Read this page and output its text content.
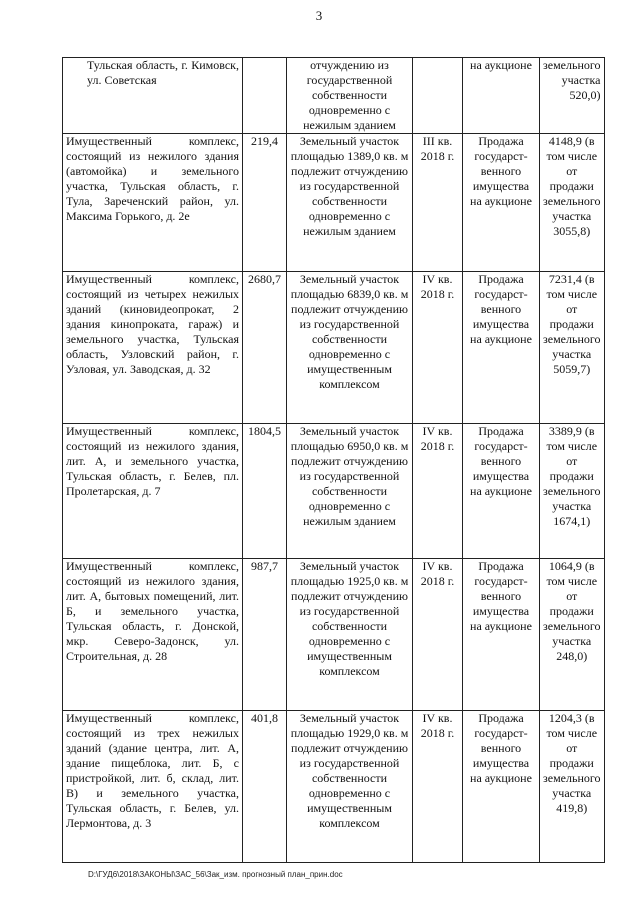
3
Тульская область, г. Кимовск, ул. Советская		отчуждению из государственной собственности одновременно с нежилым зданием		на аукционе	земельного участка 520,0)
Имущественный комплекс, состоящий из нежилого здания (автомойка) и земельного участка, Тульская область, г. Тула, Зареченский район, ул. Максима Горького, д. 2е	219,4	Земельный участок площадью 1389,0 кв. м подлежит отчуждению из государственной собственности одновременно с нежилым зданием	III кв. 2018 г.	Продажа государст- венного имущества на аукционе	4148,9 (в том числе от продажи земельного участка 3055,8)
Имущественный комплекс, состоящий из четырех нежилых зданий (киновидеопрокат, 2 здания кинопроката, гараж) и земельного участка, Тульская область, Узловский район, г. Узловая, ул. Заводская, д. 32	2680,7	Земельный участок площадью 6839,0 кв. м подлежит отчуждению из государственной собственности одновременно с имущественным комплексом	IV кв. 2018 г.	Продажа государст- венного имущества на аукционе	7231,4 (в том числе от продажи земельного участка 5059,7)
Имущественный комплекс, состоящий из нежилого здания, лит. А, и земельного участка, Тульская область, г. Белев, пл. Пролетарская, д. 7	1804,5	Земельный участок площадью 6950,0 кв. м подлежит отчуждению из государственной собственности одновременно с нежилым зданием	IV кв. 2018 г.	Продажа государст- венного имущества на аукционе	3389,9 (в том числе от продажи земельного участка 1674,1)
Имущественный комплекс, состоящий из нежилого здания, лит. А, бытовых помещений, лит. Б, и земельного участка, Тульская область, г. Донской, мкр. Северо-Задонск, ул. Строительная, д. 28	987,7	Земельный участок площадью 1925,0 кв. м подлежит отчуждению из государственной собственности одновременно с имущественным комплексом	IV кв. 2018 г.	Продажа государст- венного имущества на аукционе	1064,9 (в том числе от продажи земельного участка 248,0)
Имущественный комплекс, состоящий из трех нежилых зданий (здание центра, лит. А, здание пищеблока, лит. Б, с пристройкой, лит. б, склад, лит. В) и земельного участка, Тульская область, г. Белев, ул. Лермонтова, д. 3	401,8	Земельный участок площадью 1929,0 кв. м подлежит отчуждению из государственной собственности одновременно с имущественным комплексом	IV кв. 2018 г.	Продажа государст- венного имущества на аукционе	1204,3 (в том числе от продажи земельного участка 419,8)
D:\ГУД6\2018\ЗАКОНЫ\ЗАС_56\Зак_изм. прогнозный план_прин.doc
